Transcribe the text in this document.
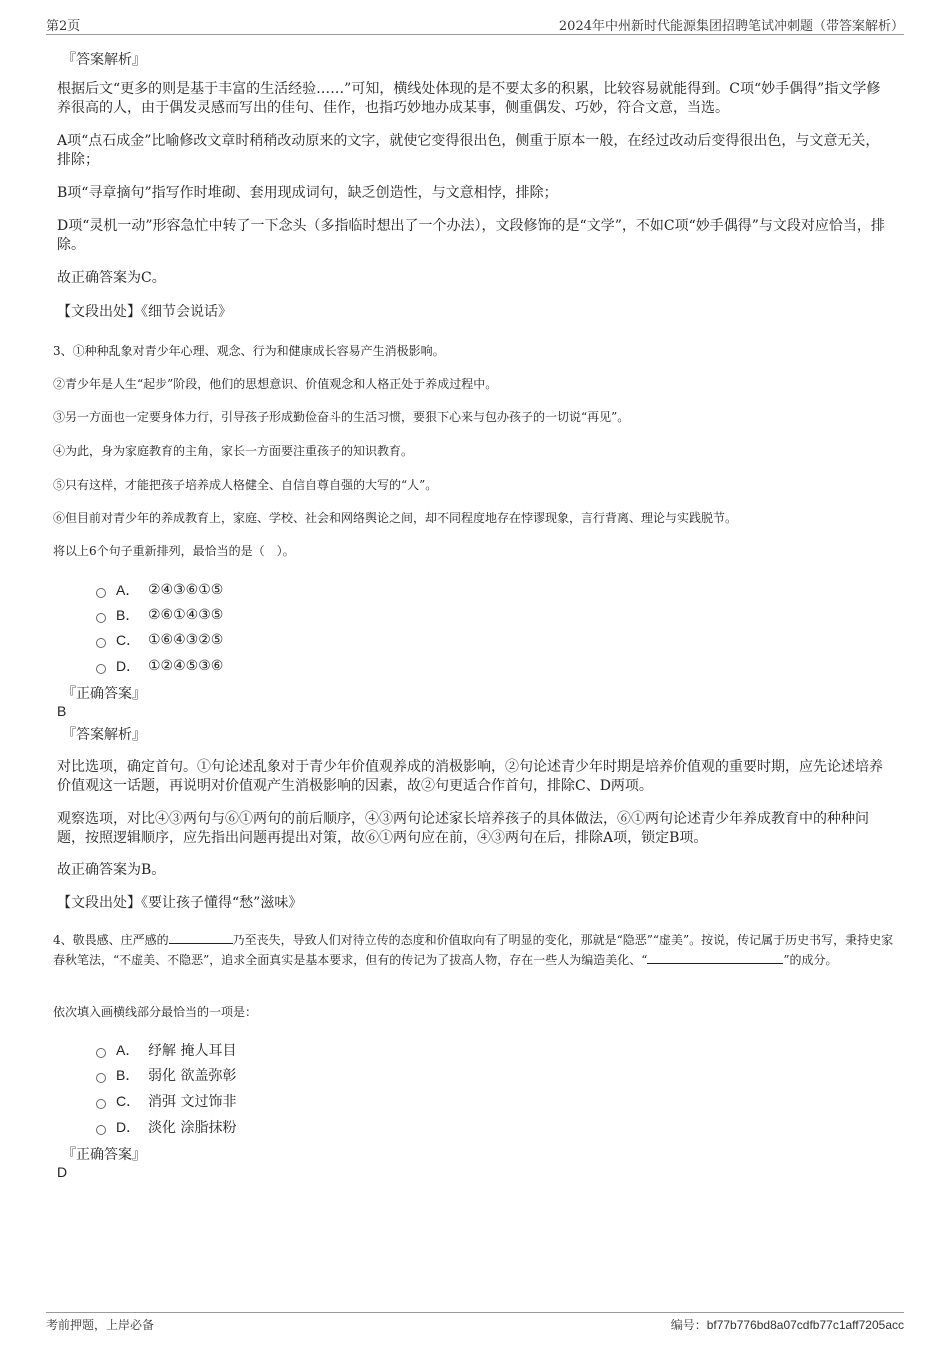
第2页	2024年中州新时代能源集团招聘笔试冲刺题（带答案解析）
『答案解析』
根据后文“更多的则是基于丰富的生活经验……”可知，横线处体现的是不要太多的积累，比较容易就能得到。C项“妙手偶得”指文学修养很高的人，由于偶发灵感而写出的佳句、佳作，也指巧妙地办成某事，侧重偶发、巧妙，符合文意，当选。
A项“点石成金”比喻修改文章时稍稍改动原来的文字，就使它变得很出色，侧重于原本一般，在经过改动后变得很出色，与文意无关，排除；
B项“寻章摘句”指写作时堆砌、套用现成词句，缺乏创造性，与文意相悖，排除；
D项“灵机一动”形容急忙中转了一下念头（多指临时想出了一个办法），文段修饰的是“文学”，不如C项“妙手偶得”与文段对应恰当，排除。
故正确答案为C。
【文段出处】《细节会说话》
3、①种种乱象对青少年心理、观念、行为和健康成长容易产生消极影响。
②青少年是人生“起步”阶段，他们的思想意识、价值观念和人格正处于养成过程中。
③另一方面也一定要身体力行，引导孩子形成勤俭奋斗的生活习惯，要狠下心来与包办孩子的一切说“再见”。
④为此，身为家庭教育的主角，家长一方面要注重孩子的知识教育。
⑤只有这样，才能把孩子培养成人格健全、自信自尊自强的大写的“人”。
⑥但目前对青少年的养成教育上，家庭、学校、社会和网络舆论之间，却不同程度地存在悖谬现象，言行背离、理论与实践脱节。
将以上6个句子重新排列，最恰当的是（　）。
A． ②④③⑥①⑤
B． ②⑥①④③⑤
C． ①⑥④③②⑤
D． ①②④⑤③⑥
『正确答案』
B
『答案解析』
对比选项，确定首句。①句论述乱象对于青少年价值观养成的消极影响，②句论述青少年时期是培养价值观的重要时期，应先论述培养价值观这一话题，再说明对价值观产生消极影响的因素，故②句更适合作首句，排除C、D两项。
观察选项，对比④③两句与⑥①两句的前后顺序，④③两句论述家长培养孩子的具体做法，⑥①两句论述青少年养成教育中的种种问题，按照逻辑顺序，应先指出问题再提出对策，故⑥①两句应在前，④③两句在后，排除A项，锁定B项。
故正确答案为B。
【文段出处】《要让孩子懂得“愁”滋味》
4、敬畏感、庄严感的	乃至丧失，导致人们对待立传的态度和价值取向有了明显的变化，那就是“隐恶”“虚美”。按说，传记属于历史书写，秉持史家春秋笔法，“不虚美、不隐恶”，追求全面真实是基本要求，但有的传记为了拔高人物，存在一些人为编造美化、“	”的成分。
依次填入画横线部分最恰当的一项是：
A． 纾解 掩人耳目
B． 弱化 欲盖弥彰
C． 消弭 文过饰非
D． 淡化 涂脂抹粉
『正确答案』
D
考前押题，上岸必备	编号：bf77b776bd8a07cdfb77c1aff7205acc
